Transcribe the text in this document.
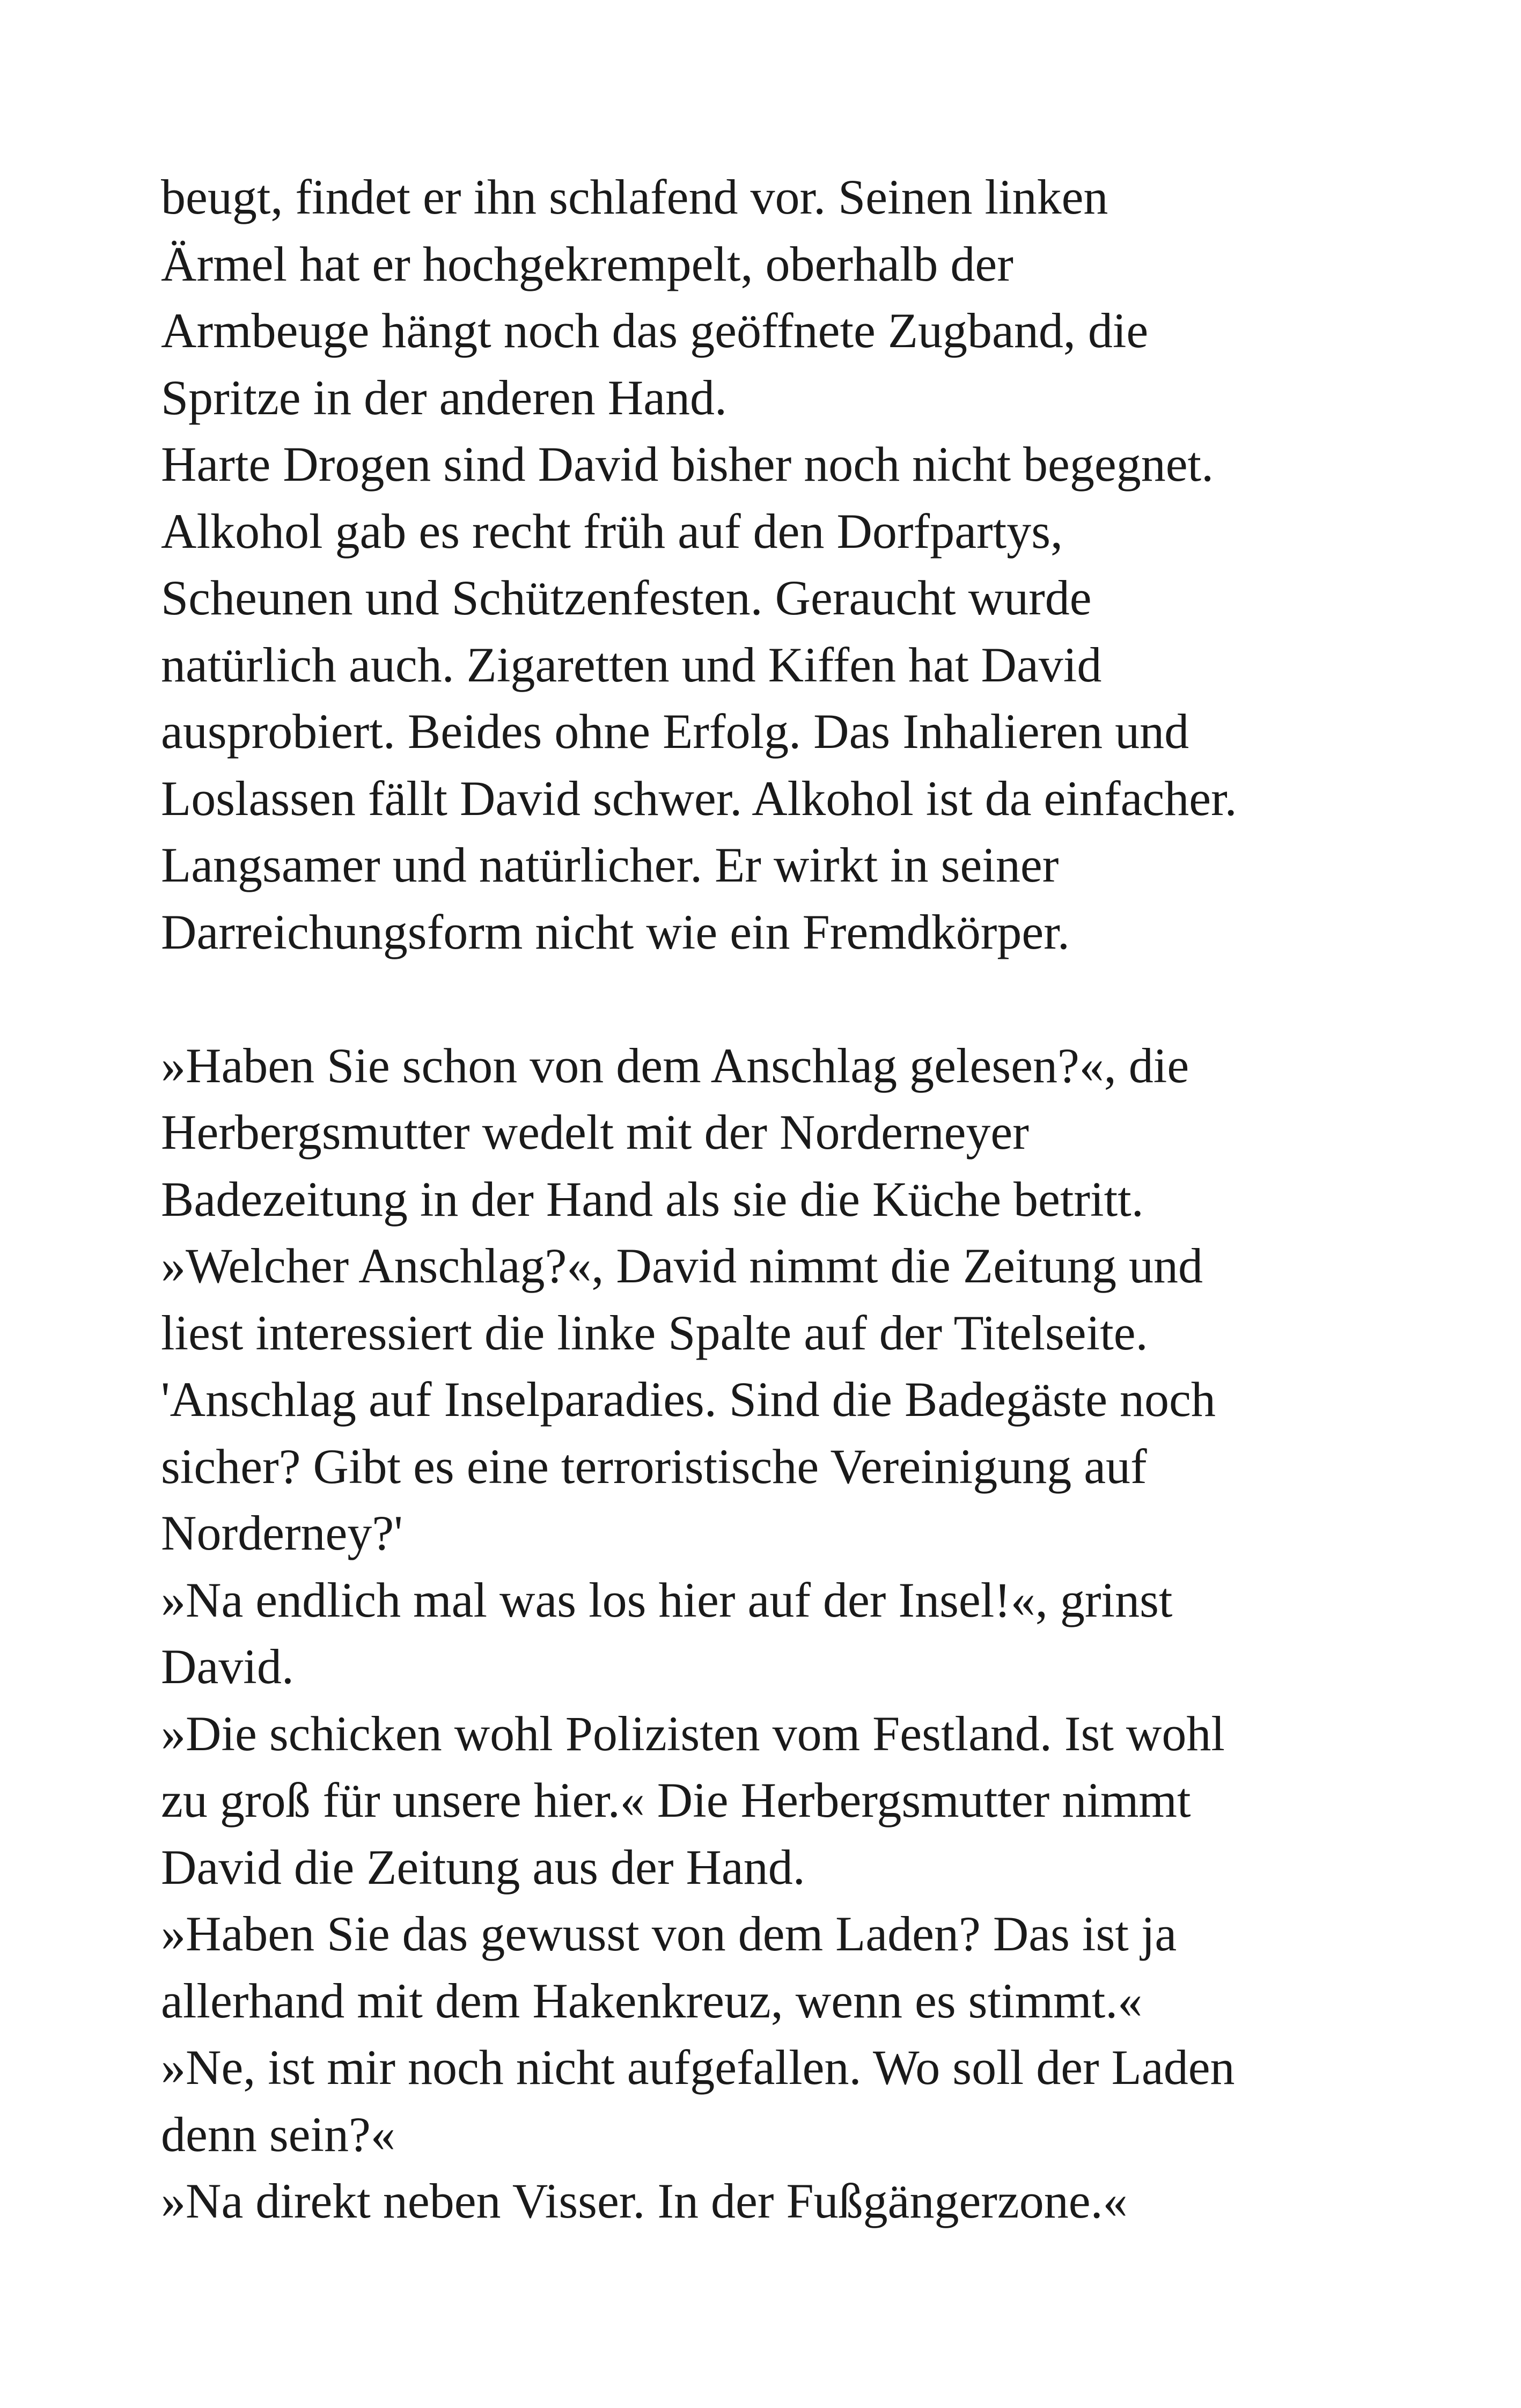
beugt, findet er ihn schlafend vor. Seinen linken
Ärmel hat er hochgekrempelt, oberhalb der
Armbeuge hängt noch das geöffnete Zugband, die
Spritze in der anderen Hand.
Harte Drogen sind David bisher noch nicht begegnet.
Alkohol gab es recht früh auf den Dorfpartys,
Scheunen und Schützenfesten. Geraucht wurde
natürlich auch. Zigaretten und Kiffen hat David
ausprobiert. Beides ohne Erfolg. Das Inhalieren und
Loslassen fällt David schwer. Alkohol ist da einfacher.
Langsamer und natürlicher. Er wirkt in seiner
Darreichungsform nicht wie ein Fremdkörper.
»Haben Sie schon von dem Anschlag gelesen?«, die
Herbergsmutter wedelt mit der Norderneyer
Badezeitung in der Hand als sie die Küche betritt.
»Welcher Anschlag?«, David nimmt die Zeitung und
liest interessiert die linke Spalte auf der Titelseite.
'Anschlag auf Inselparadies. Sind die Badegäste noch
sicher? Gibt es eine terroristische Vereinigung auf
Norderney?'
»Na endlich mal was los hier auf der Insel!«, grinst
David.
»Die schicken wohl Polizisten vom Festland. Ist wohl
zu groß für unsere hier.« Die Herbergsmutter nimmt
David die Zeitung aus der Hand.
»Haben Sie das gewusst von dem Laden? Das ist ja
allerhand mit dem Hakenkreuz, wenn es stimmt.«
»Ne, ist mir noch nicht aufgefallen. Wo soll der Laden
denn sein?«
»Na direkt neben Visser. In der Fußgängerzone.«
